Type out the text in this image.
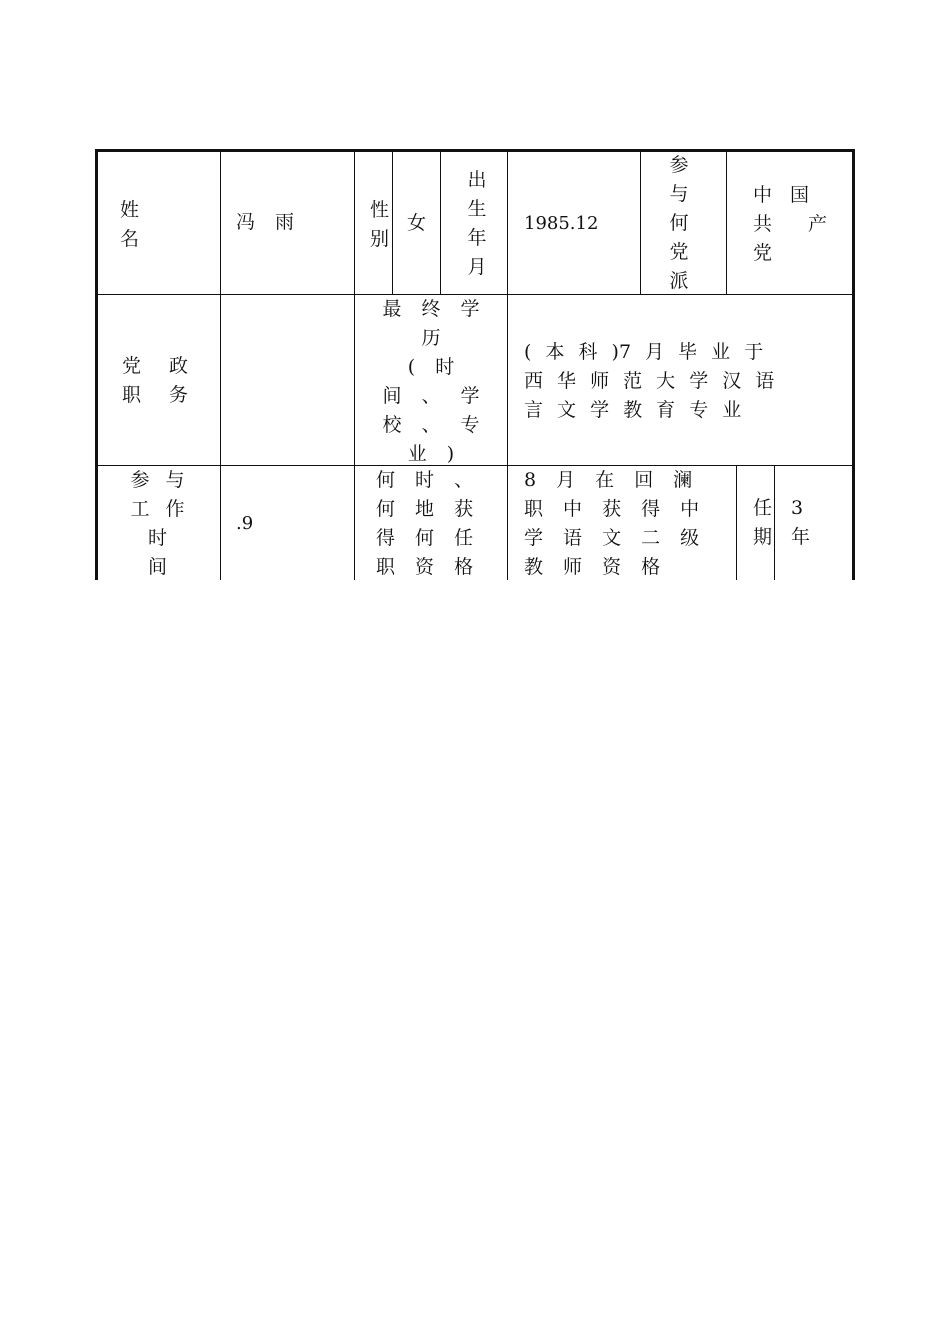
姓
名
冯 雨
性
别
女
出
生
年
月
1985.12
参
与
何
党
派
中 国
共 产
党
党 政
职 务
最 终 学
历
( 时
间 、 学
校 、 专
业 )
( 本 科 )7 月 毕 业 于
西 华 师 范 大 学 汉 语
言 文 学 教 育 专 业
参 与
工 作
时
间
.9
何 时 、
何 地 获
得 何 任
职 资 格
8 月 在 回 澜
职 中 获 得 中
学 语 文 二 级
教 师 资 格
任
期
3
年
